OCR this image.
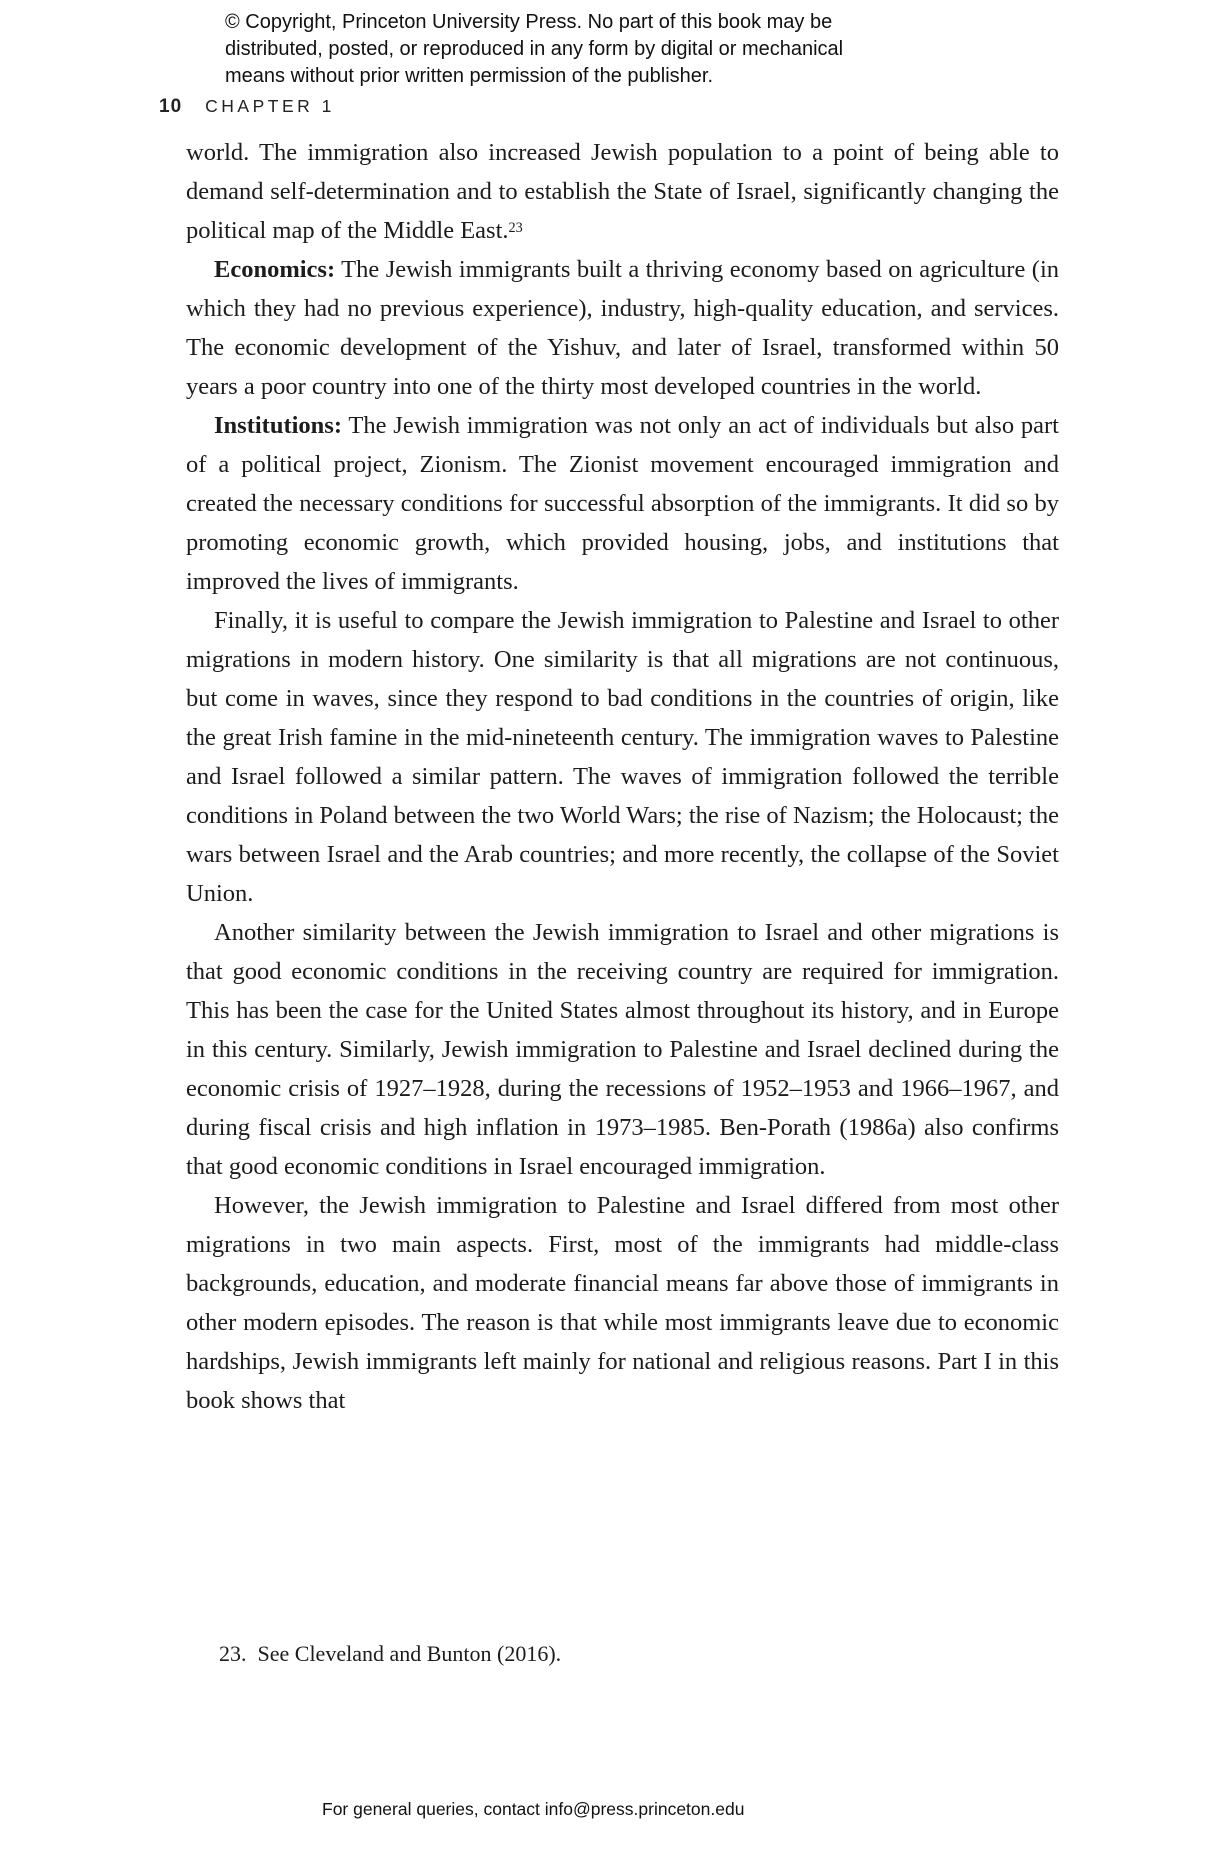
© Copyright, Princeton University Press. No part of this book may be
distributed, posted, or reproduced in any form by digital or mechanical
means without prior written permission of the publisher.
10 CHAPTER 1

world. The immigration also increased Jewish population to a point of being able to demand self-determination and to establish the State of Israel, significantly changing the political map of the Middle East.$^{23}$

Economics: The Jewish immigrants built a thriving economy based on agriculture (in which they had no previous experience), industry, high-quality education, and services. The economic development of the Yishuv, and later of Israel, transformed within 50 years a poor country into one of the thirty most developed countries in the world.

Institutions: The Jewish immigration was not only an act of individuals but also part of a political project, Zionism. The Zionist movement encouraged immigration and created the necessary conditions for successful absorption of the immigrants. It did so by promoting economic growth, which provided housing, jobs, and institutions that improved the lives of immigrants.

Finally, it is useful to compare the Jewish immigration to Palestine and Israel to other migrations in modern history. One similarity is that all migrations are not continuous, but come in waves, since they respond to bad conditions in the countries of origin, like the great Irish famine in the mid-nineteenth century. The immigration waves to Palestine and Israel followed a similar pattern. The waves of immigration followed the terrible conditions in Poland between the two World Wars; the rise of Nazism; the Holocaust; the wars between Israel and the Arab countries; and more recently, the collapse of the Soviet Union.

Another similarity between the Jewish immigration to Israel and other migrations is that good economic conditions in the receiving country are required for immigration. This has been the case for the United States almost throughout its history, and in Europe in this century. Similarly, Jewish immigration to Palestine and Israel declined during the economic crisis of 1927–1928, during the recessions of 1952–1953 and 1966–1967, and during fiscal crisis and high inflation in 1973–1985. Ben-Porath (1986a) also confirms that good economic conditions in Israel encouraged immigration.

However, the Jewish immigration to Palestine and Israel differed from most other migrations in two main aspects. First, most of the immigrants had middle-class backgrounds, education, and moderate financial means far above those of immigrants in other modern episodes. The reason is that while most immigrants leave due to economic hardships, Jewish immigrants left mainly for national and religious reasons. Part I in this book shows that

23. See Cleveland and Bunton (2016).
For general queries, contact info@press.princeton.edu
